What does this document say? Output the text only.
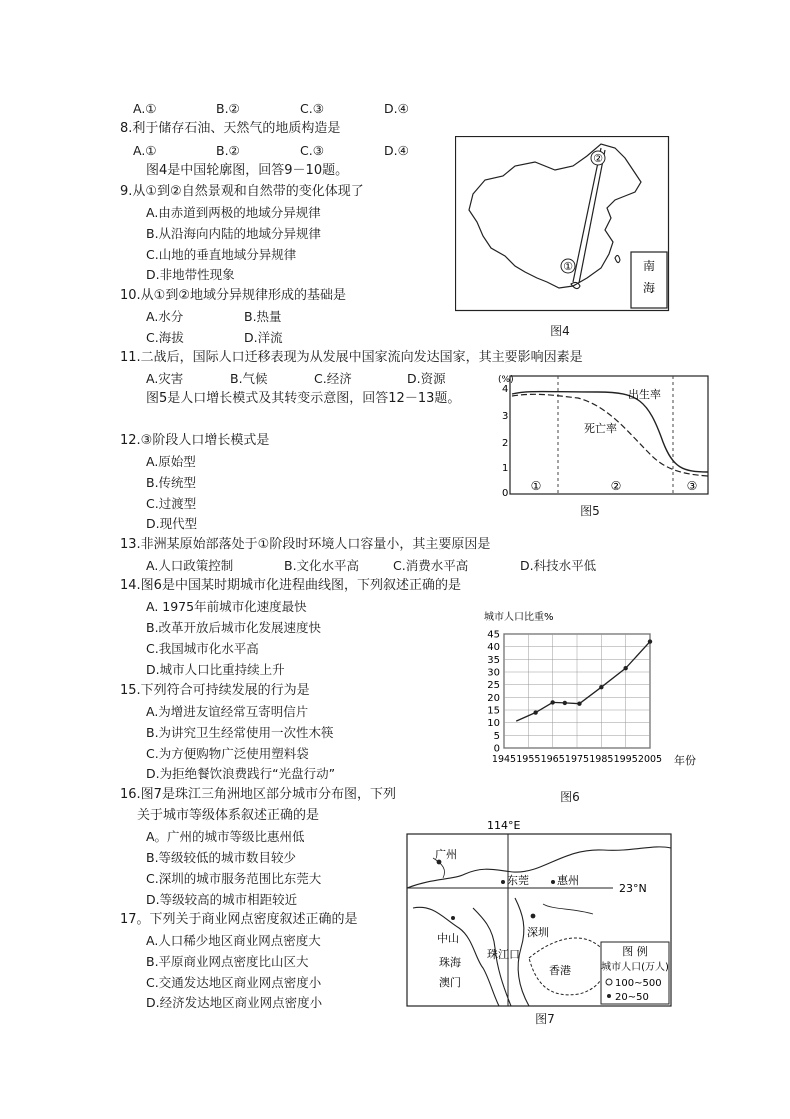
A.①	B.②	C.③	D.④
8.利于储存石油、天然气的地质构造是
A.①	B.②	C.③	D.④
图4是中国轮廓图，回答9－10题。
9.从①到②自然景观和自然带的变化体现了
A.由赤道到两极的地域分异规律
B.从沿海向内陆的地域分异规律
C.山地的垂直地域分异规律
D.非地带性现象
10.从①到②地域分异规律形成的基础是
A.水分	B.热量
C.海拔	D.洋流
11.二战后，国际人口迁移表现为从发展中国家流向发达国家，其主要影响因素是
A.灾害	B.气候	C.经济	D.资源
图5是人口增长模式及其转变示意图，回答12－13题。
12.③阶段人口增长模式是
A.原始型
B.传统型
C.过渡型
D.现代型
13.非洲某原始部落处于①阶段时环境人口容量小，其主要原因是
A.人口政策控制	B.文化水平高	C.消费水平高	D.科技水平低
14.图6是中国某时期城市化进程曲线图，下列叙述正确的是
A. 1975年前城市化速度最快
B.改革开放后城市化发展速度快
C.我国城市化水平高
D.城市人口比重持续上升
15.下列符合可持续发展的行为是
A.为增进友谊经常互寄明信片
B.为讲究卫生经常使用一次性木筷
C.为方便购物广泛使用塑料袋
D.为拒绝餐饮浪费践行“光盘行动”
16.图7是珠江三角洲地区部分城市分布图，下列
关于城市等级体系叙述正确的是
A。广州的城市等级比惠州低
B.等级较低的城市数目较少
C.深圳的城市服务范围比东莞大
D.等级较高的城市相距较近
17。下列关于商业网点密度叙述正确的是
A.人口稀少地区商业网点密度大
B.平原商业网点密度比山区大
C.交通发达地区商业网点密度小
D.经济发达地区商业网点密度小
①
②
南
海
图4
(%)
4
3
2
1
0
出生率
死亡率
①	②	③
图5
城市人口比重%
45
40
35
30
25
20
15
10
5
0
1945 1955 1965 1975 1985 1995 2005 年份
图6
114°E
23°N
广州
东莞	惠州
中山	深圳
珠海
澳门
香港
珠江口	图 例
城市人口(万人)
100~500
20~50
图7
